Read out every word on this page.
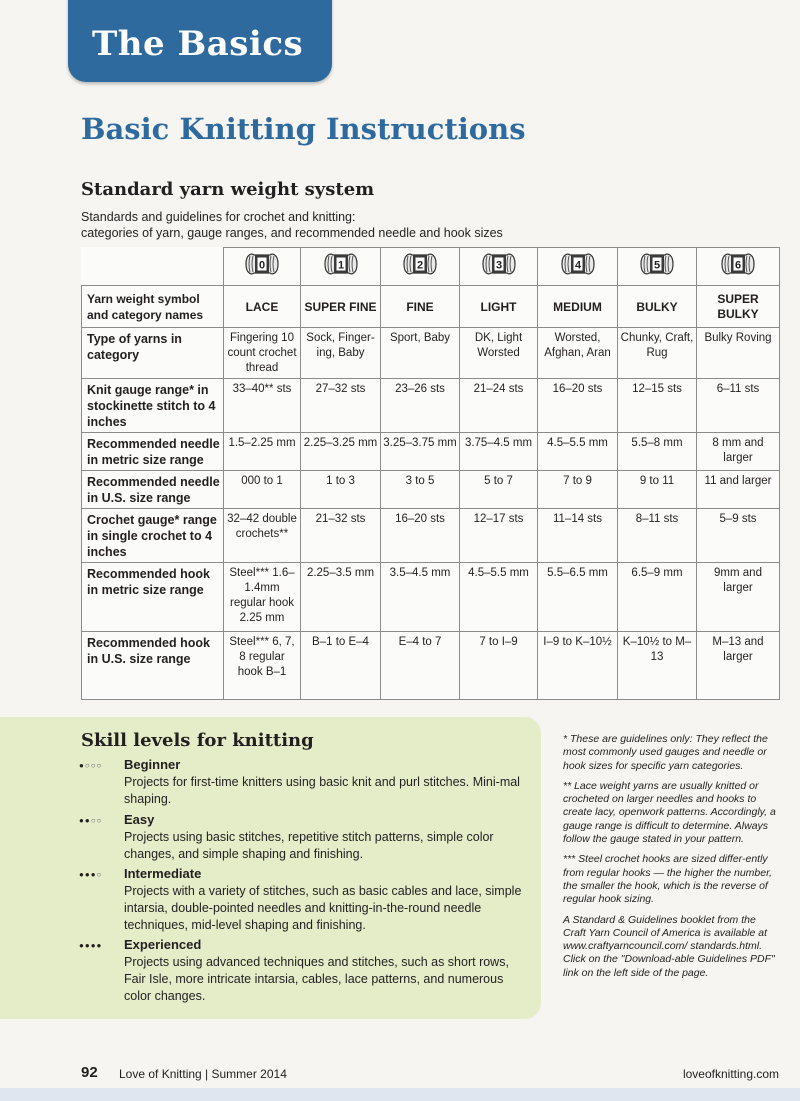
The Basics
Basic Knitting Instructions
Standard yarn weight system
Standards and guidelines for crochet and knitting:
categories of yarn, gauge ranges, and recommended needle and hook sizes

0	1	2	3	4	5	6

Yarn weight symbol and category names	LACE	SUPER FINE	FINE	LIGHT	MEDIUM	BULKY	SUPER BULKY
Type of yarns in category	Fingering 10 count crochet thread	Sock, Finger-ing, Baby	Sport, Baby	DK, Light Worsted	Worsted, Afghan, Aran	Chunky, Craft, Rug	Bulky Roving
Knit gauge range* in stockinette stitch to 4 inches	33–40** sts	27–32 sts	23–26 sts	21–24 sts	16–20 sts	12–15 sts	6–11 sts
Recommended needle in metric size range	1.5–2.25 mm	2.25–3.25 mm	3.25–3.75 mm	3.75–4.5 mm	4.5–5.5 mm	5.5–8 mm	8 mm and larger
Recommended needle in U.S. size range	000 to 1	1 to 3	3 to 5	5 to 7	7 to 9	9 to 11	11 and larger
Crochet gauge* range in single crochet to 4 inches	32–42 double crochets**	21–32 sts	16–20 sts	12–17 sts	11–14 sts	8–11 sts	5–9 sts
Recommended hook in metric size range	Steel*** 1.6–1.4mm regular hook 2.25 mm	2.25–3.5 mm	3.5–4.5 mm	4.5–5.5 mm	5.5–6.5 mm	6.5–9 mm	9mm and larger
Recommended hook in U.S. size range	Steel*** 6, 7, 8 regular hook B–1	B–1 to E–4	E–4 to 7	7 to I–9	I–9 to K–10½	K–10½ to M–13	M–13 and larger
Skill levels for knitting
●○○○ Beginner
Projects for first-time knitters using basic knit and purl stitches. Mini-mal shaping.
●●○○ Easy
Projects using basic stitches, repetitive stitch patterns, simple color changes, and simple shaping and finishing.
●●●○ Intermediate
Projects with a variety of stitches, such as basic cables and lace, simple intarsia, double-pointed needles and knitting-in-the-round needle techniques, mid-level shaping and finishing.
●●●● Experienced
Projects using advanced techniques and stitches, such as short rows, Fair Isle, more intricate intarsia, cables, lace patterns, and numerous color changes.

* These are guidelines only: They reflect the most commonly used gauges and needle or hook sizes for specific yarn categories.

** Lace weight yarns are usually knitted or crocheted on larger needles and hooks to create lacy, openwork patterns. Accordingly, a gauge range is difficult to determine. Always follow the gauge stated in your pattern.

*** Steel crochet hooks are sized differ-ently from regular hooks — the higher the number, the smaller the hook, which is the reverse of regular hook sizing.

A Standard & Guidelines booklet from the Craft Yarn Council of America is available at www.craftyarncouncil.com/ standards.html. Click on the "Download-able Guidelines PDF" link on the left side of the page.

92 Love of Knitting | Summer 2014	loveofknitting.com
